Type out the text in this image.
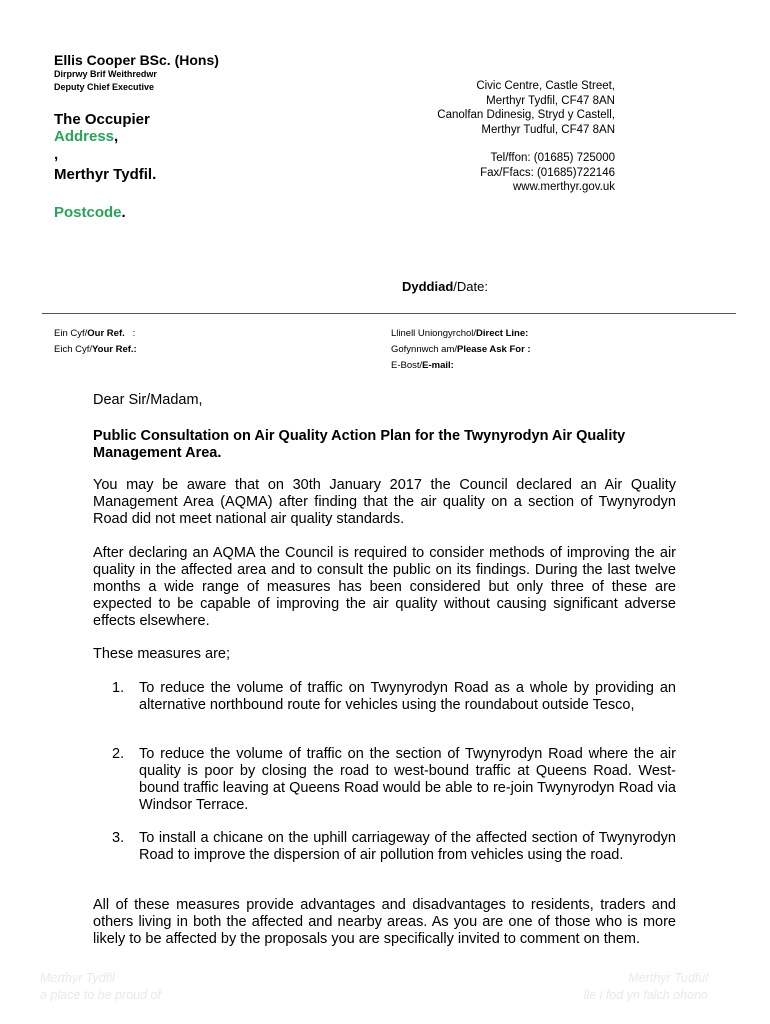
Ellis Cooper BSc. (Hons)
Dirprwy Brif Weithredwr
Deputy Chief Executive
The Occupier
Address,
,
Merthyr Tydfil.
Postcode.
Civic Centre, Castle Street,
Merthyr Tydfil, CF47 8AN
Canolfan Ddinesig, Stryd y Castell,
Merthyr Tudful, CF47 8AN
Tel/ffon: (01685) 725000
Fax/Ffacs: (01685)722146
www.merthyr.gov.uk
Dyddiad/Date:
Ein Cyf/Our Ref.   :
Eich Cyf/Your Ref.:
Llinell Uniongyrchol/Direct Line:
Gofynnwch am/Please Ask For :
E-Bost/E-mail:
Dear Sir/Madam,
Public Consultation on Air Quality Action Plan for the Twynyrodyn Air Quality Management Area.
You may be aware that on 30th January 2017 the Council declared an Air Quality Management Area (AQMA) after finding that the air quality on a section of Twynyrodyn Road did not meet national air quality standards.
After declaring an AQMA the Council is required to consider methods of improving the air quality in the affected area and to consult the public on its findings. During the last twelve months a wide range of measures has been considered but only three of these are expected to be capable of improving the air quality without causing significant adverse effects elsewhere.
These measures are;
1.	To reduce the volume of traffic on Twynyrodyn Road as a whole by providing an alternative northbound route for vehicles using the roundabout outside Tesco,
2.	To reduce the volume of traffic on the section of Twynyrodyn Road where the air quality is poor by closing the road to west-bound traffic at Queens Road. West-bound traffic leaving at Queens Road would be able to re-join Twynyrodyn Road via Windsor Terrace.
3.	To install a chicane on the uphill carriageway of the affected section of Twynyrodyn Road to improve the dispersion of air pollution from vehicles using the road.
All of these measures provide advantages and disadvantages to residents, traders and others living in both the affected and nearby areas. As you are one of those who is more likely to be affected by the proposals you are specifically invited to comment on them.
Merthyr Tydfil
a place to be proud of
Merthyr Tudful
lle i fod yn falch ohono
